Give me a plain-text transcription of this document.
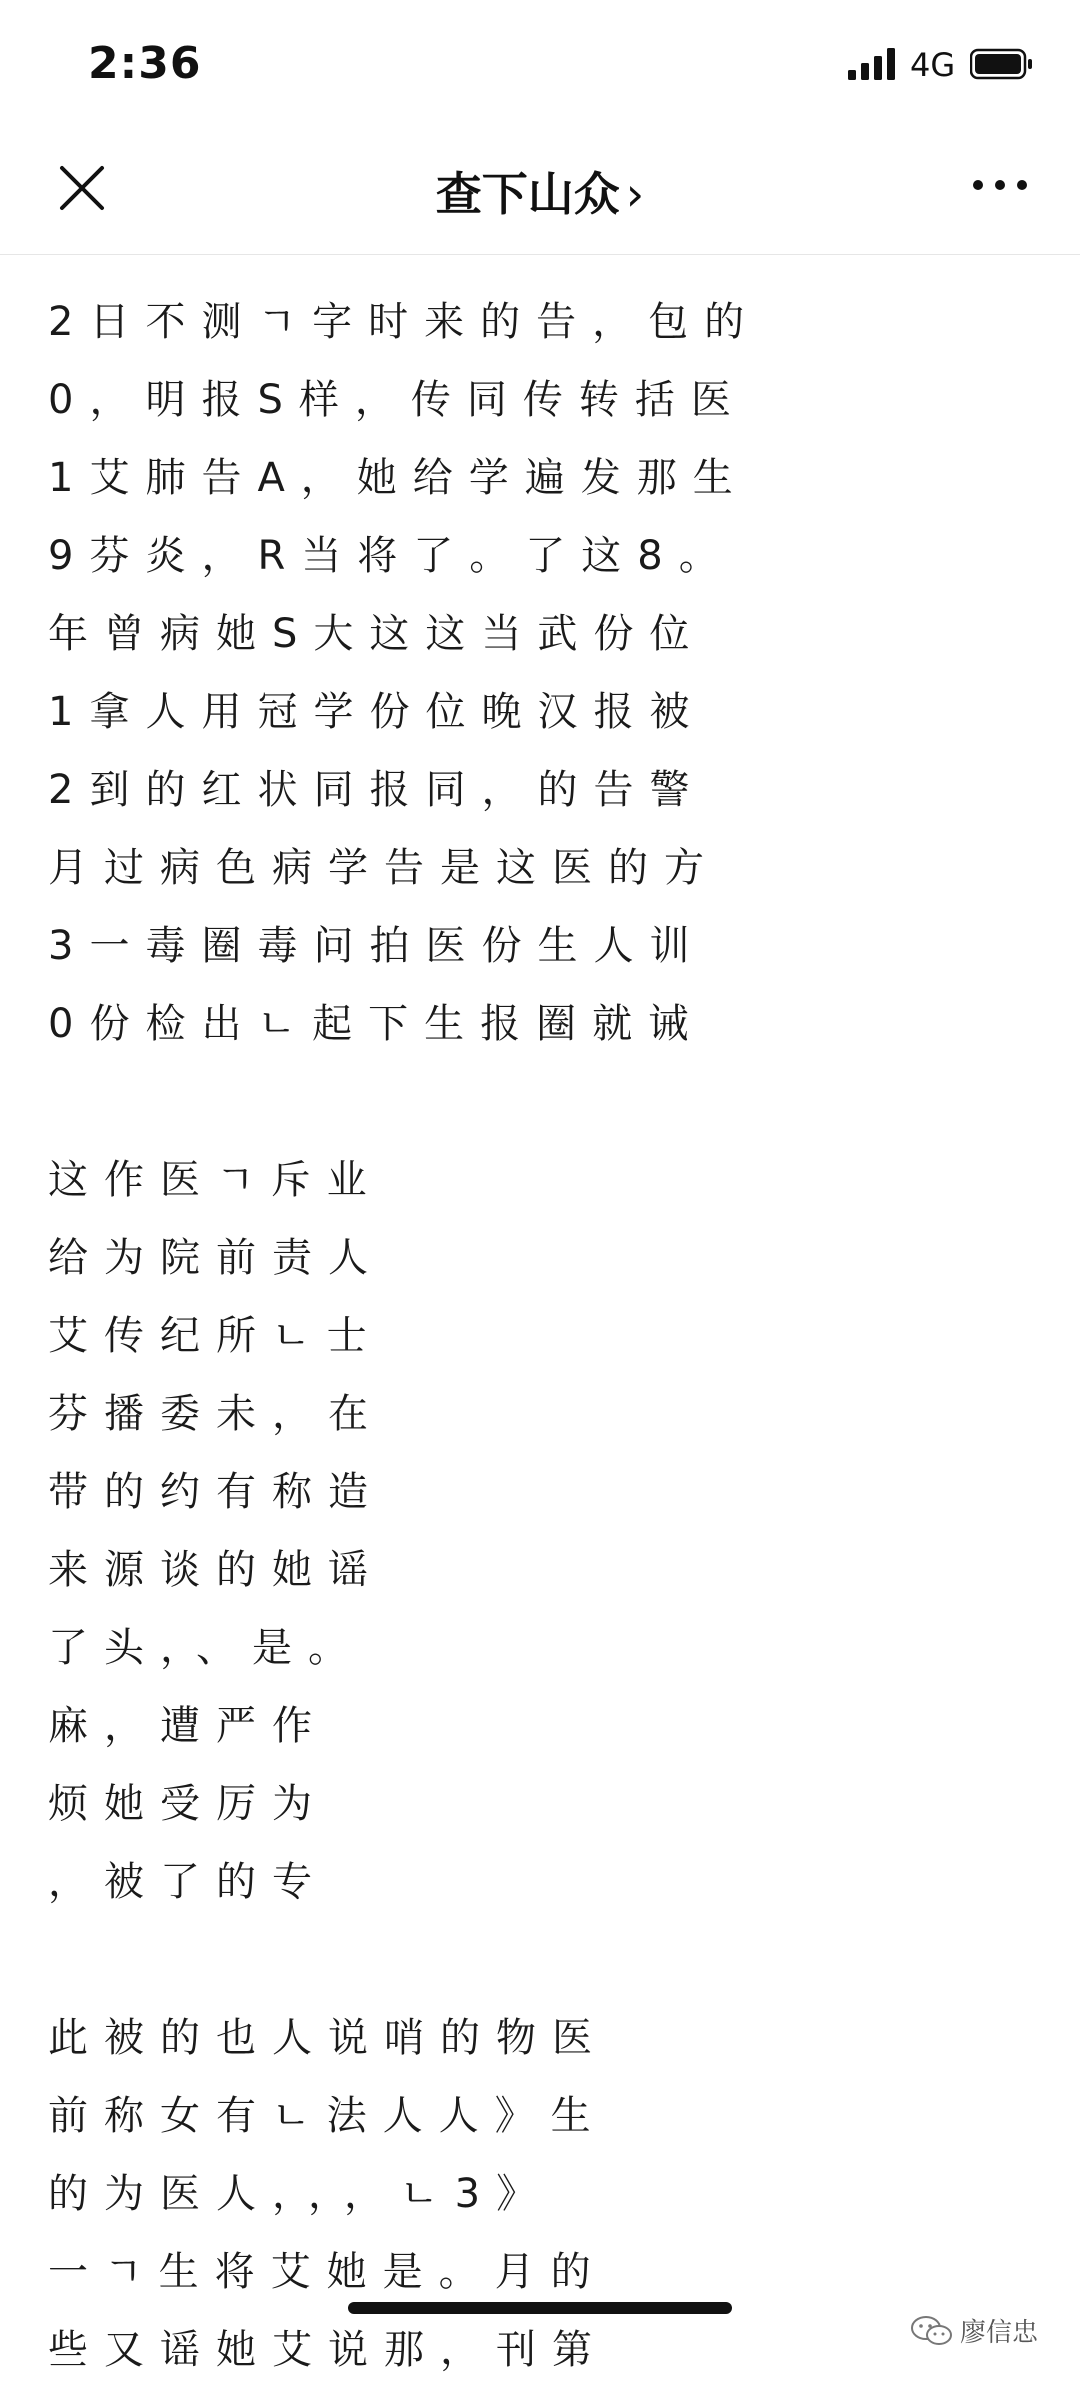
2:36	4G
查下山众 ›
2日不测ㄱ字时来的告，包的
0，明报S样，传同传转括医
1艾肺告A，她给学遍发那生
9芬炎，R当将了。了这8。
年曾病她S大这这当武份位
1拿人用冠学份位晚汉报被
2到的红状同报同，的告警
月过病色病学告是这医的方
3一毒圈毒问拍医份生人训
0份检出ㄴ起下生报圈就诫
这作医ㄱ斥业
给为院前责人
艾传纪所ㄴ士
芬播委未，在
带的约有称造
来源谈的她谣
了头，、是。
麻，遭严作
烦她受厉为
，被了的专
此被的也人说哨的物医
前称女有ㄴ法人人》生
的为医人，，，ㄴ3》
一ㄱ生将艾她是。月的
些又谣她艾说那，刊第	廖信忠
